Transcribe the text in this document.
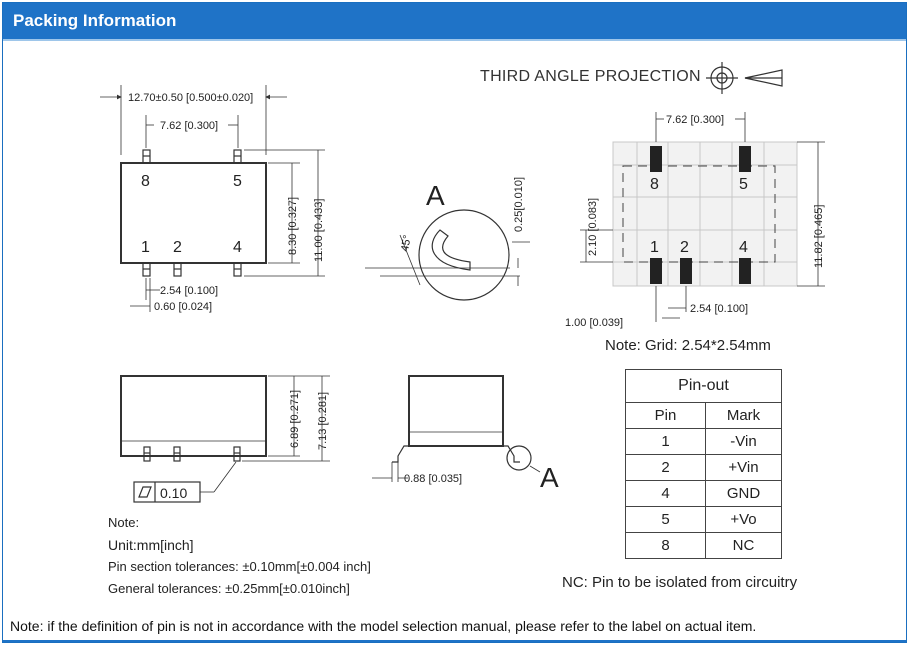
Packing Information
THIRD ANGLE PROJECTION
12.70±0.50 [0.500±0.020]
7.62 [0.300]
8.30 [0.327] 11.00 [0.433]
2.54 [0.100]
0.60 [0.024]
8	5
1 2	4
A
45°
0.25[0.010]
7.62 [0.300]
2.10 [0.083]	11.82 [0.465]
2.54 [0.100]
1.00 [0.039]
8	5
1 2	4
6.89 [0.271] 7.13 [0.281]
0.10
0.88 [0.035]	A
Note: Grid: 2.54*2.54mm
Pin-out	
Pin	Mark
1	-Vin
2	+Vin
4	GND
5	+Vo
8	NC
Note:
Unit:mm[inch]
Pin section tolerances: ±0.10mm[±0.004 inch]
General tolerances: ±0.25mm[±0.010inch]	NC: Pin to be isolated from circuitry
Note: if the definition of pin is not in accordance with the model selection manual, please refer to the label on actual item.
